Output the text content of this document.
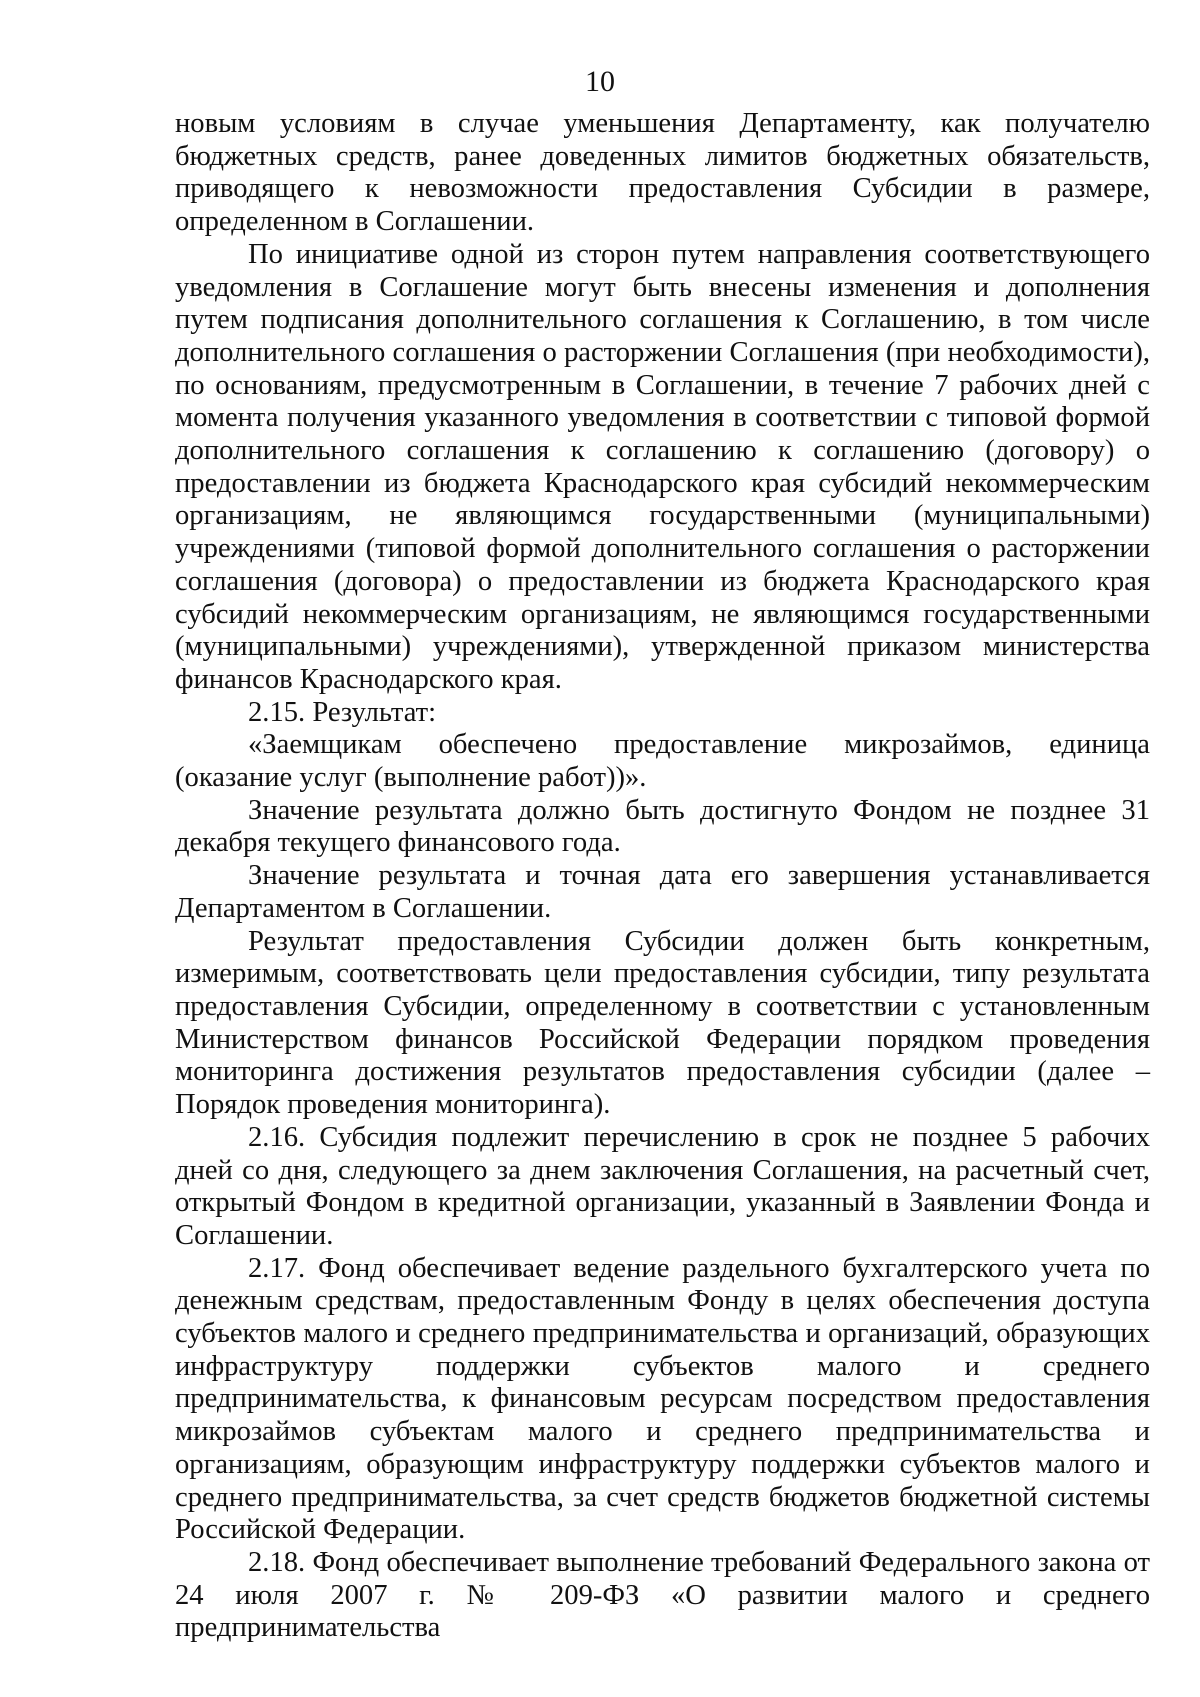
10

новым условиям в случае уменьшения Департаменту, как получателю бюджетных средств, ранее доведенных лимитов бюджетных обязательств, приводящего к невозможности предоставления Субсидии в размере, определенном в Соглашении.

По инициативе одной из сторон путем направления соответствующего уведомления в Соглашение могут быть внесены изменения и дополнения путем подписания дополнительного соглашения к Соглашению, в том числе дополнительного соглашения о расторжении Соглашения (при необходимости), по основаниям, предусмотренным в Соглашении, в течение 7 рабочих дней с момента получения указанного уведомления в соответствии с типовой формой дополнительного соглашения к соглашению к соглашению (договору) о предоставлении из бюджета Краснодарского края субсидий некоммерческим организациям, не являющимся государственными (муниципальными) учреждениями (типовой формой дополнительного соглашения о расторжении соглашения (договора) о предоставлении из бюджета Краснодарского края субсидий некоммерческим организациям, не являющимся государственными (муниципальными) учреждениями), утвержденной приказом министерства финансов Краснодарского края.

2.15. Результат:

«Заемщикам обеспечено предоставление микрозаймов, единица (оказание услуг (выполнение работ))».

Значение результата должно быть достигнуто Фондом не позднее 31 декабря текущего финансового года.

Значение результата и точная дата его завершения устанавливается Департаментом в Соглашении.

Результат предоставления Субсидии должен быть конкретным, измеримым, соответствовать цели предоставления субсидии, типу результата предоставления Субсидии, определенному в соответствии с установленным Министерством финансов Российской Федерации порядком проведения мониторинга достижения результатов предоставления субсидии (далее – Порядок проведения мониторинга).

2.16. Субсидия подлежит перечислению в срок не позднее 5 рабочих дней со дня, следующего за днем заключения Соглашения, на расчетный счет, открытый Фондом в кредитной организации, указанный в Заявлении Фонда и Соглашении.

2.17. Фонд обеспечивает ведение раздельного бухгалтерского учета по денежным средствам, предоставленным Фонду в целях обеспечения доступа субъектов малого и среднего предпринимательства и организаций, образующих инфраструктуру поддержки субъектов малого и среднего предпринимательства, к финансовым ресурсам посредством предоставления микрозаймов субъектам малого и среднего предпринимательства и организациям, образующим инфраструктуру поддержки субъектов малого и среднего предпринимательства, за счет средств бюджетов бюджетной системы Российской Федерации.

2.18. Фонд обеспечивает выполнение требований Федерального закона от 24 июля 2007 г. № 209-ФЗ «О развитии малого и среднего предпринимательства
